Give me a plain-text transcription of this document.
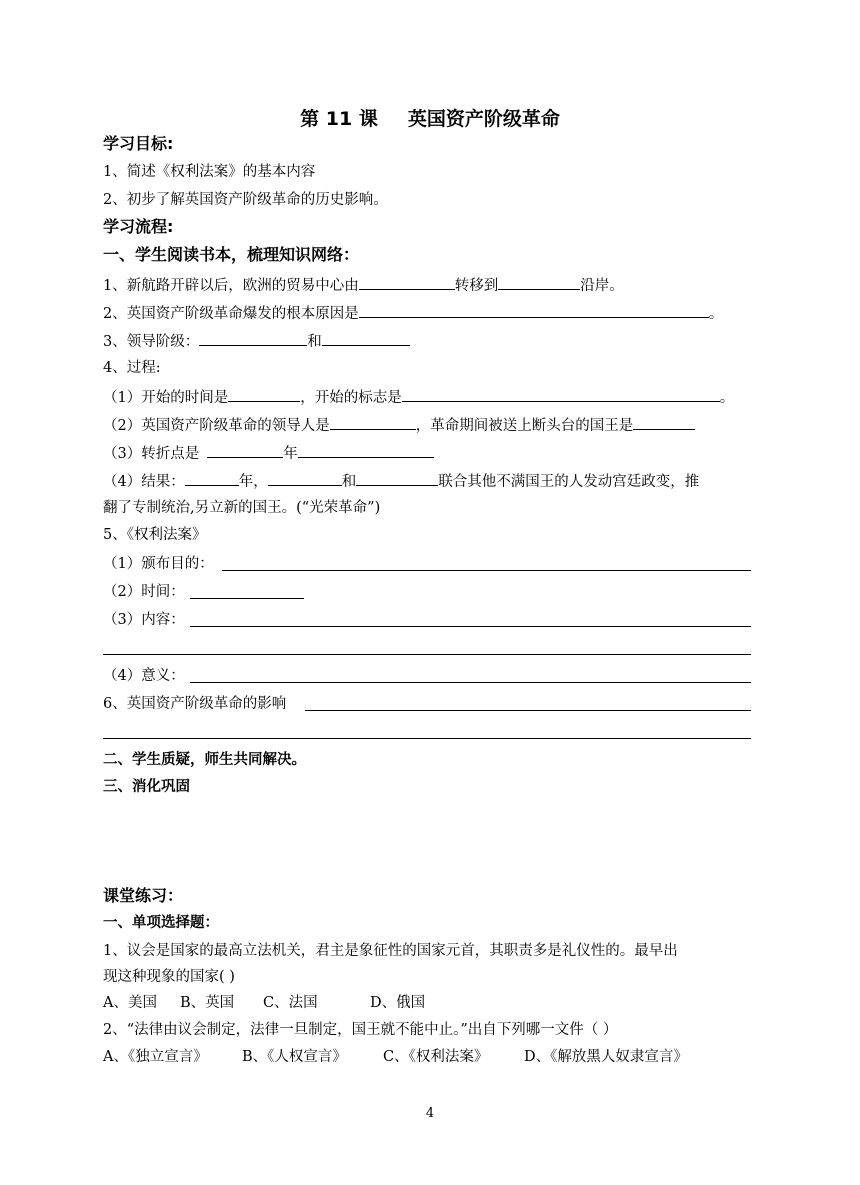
第 11 课 英国资产阶级革命
学习目标:
1、简述《权利法案》的基本内容
2、初步了解英国资产阶级革命的历史影响。
学习流程:
一、学生阅读书本，梳理知识网络：
1、新航路开辟以后，欧洲的贸易中心由	转移到	沿岸。
2、英国资产阶级革命爆发的根本原因是	。
3、领导阶级：	和
4、过程:
（1）开始的时间是	，开始的标志是	。
（2）英国资产阶级革命的领导人是	，革命期间被送上断头台的国王是
（3）转折点是	年
（4）结果：	年，	和	联合其他不满国王的人发动宫廷政变，推
翻了专制统治,另立新的国王。(“光荣革命”)
5、《权利法案》
（1）颁布目的：
（2）时间：
（3）内容：
（4）意义：
6、英国资产阶级革命的影响
二、学生质疑，师生共同解决。
三、消化巩固
课堂练习：
一、单项选择题：
1、议会是国家的最高立法机关，君主是象征性的国家元首，其职责多是礼仪性的。最早出
现这种现象的国家( )
A、美国 B、英国 C、法国	D、俄国
2、“法律由议会制定，法律一旦制定，国王就不能中止。”出自下列哪一文件（ ）
A、《独立宣言》 B、《人权宣言》 C、《权利法案》 D、《解放黑人奴隶宣言》
4
